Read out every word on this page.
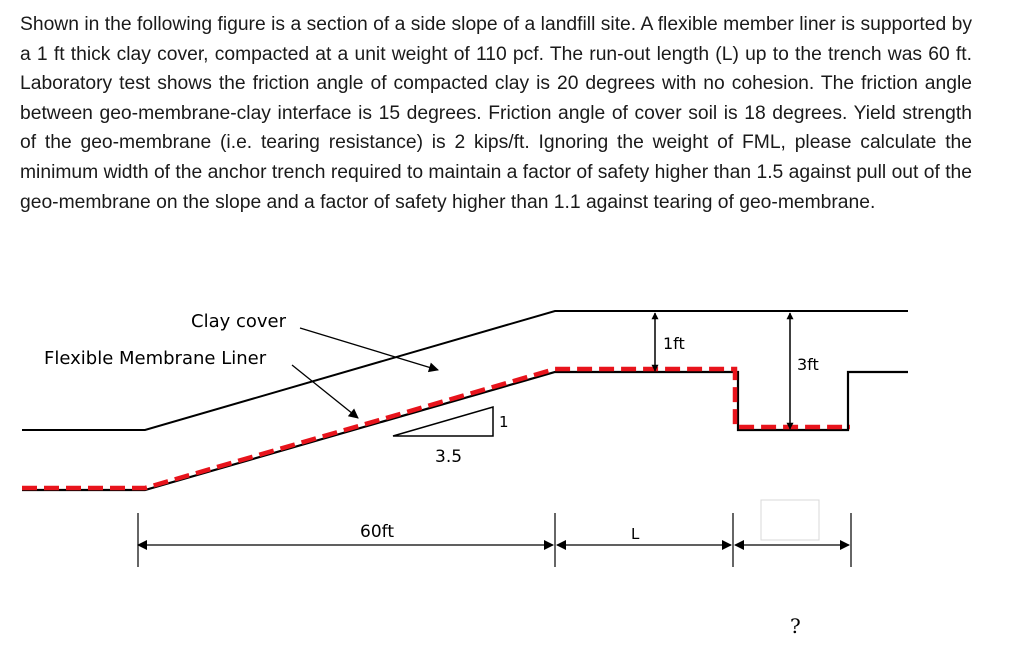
Shown in the following figure is a section of a side slope of a landfill site. A flexible member liner is supported by a 1 ft thick clay cover, compacted at a unit weight of 110 pcf. The run-out length (L) up to the trench was 60 ft. Laboratory test shows the friction angle of compacted clay is 20 degrees with no cohesion. The friction angle between geo-membrane-clay interface is 15 degrees. Friction angle of cover soil is 18 degrees. Yield strength of the geo-membrane (i.e. tearing resistance) is 2 kips/ft. Ignoring the weight of FML, please calculate the minimum width of the anchor trench required to maintain a factor of safety higher than 1.5 against pull out of the geo-membrane on the slope and a factor of safety higher than 1.1 against tearing of geo-membrane.
Clay cover
Flexible Membrane Liner
1ft
3ft
1
3.5
60ft	L
?
